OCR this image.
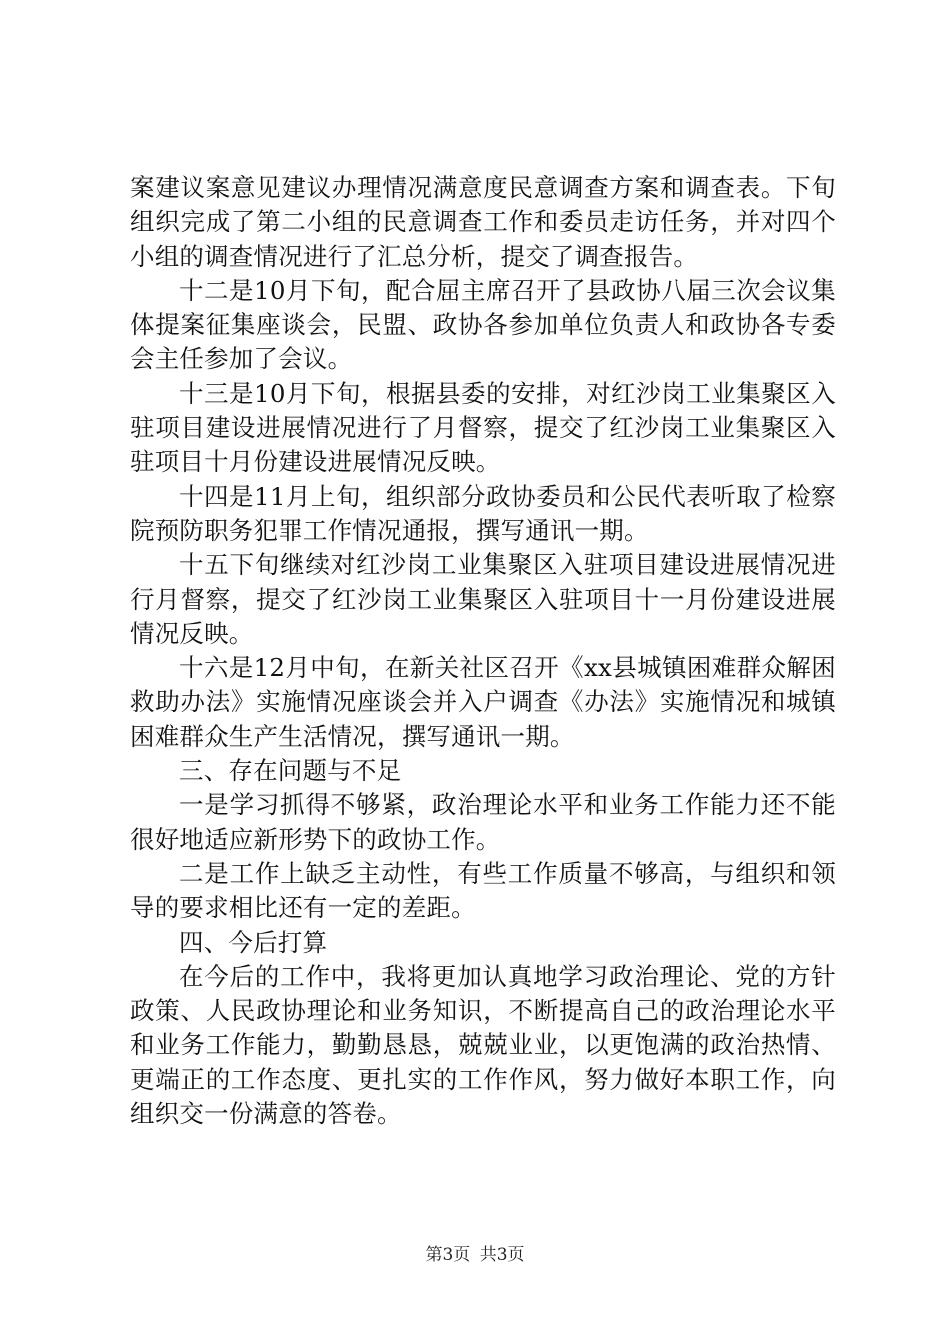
案建议案意见建议办理情况满意度民意调查方案和调查表。下旬组织完成了第二小组的民意调查工作和委员走访任务，并对四个小组的调查情况进行了汇总分析，提交了调查报告。

十二是10月下旬，配合屈主席召开了县政协八届三次会议集体提案征集座谈会，民盟、政协各参加单位负责人和政协各专委会主任参加了会议。

十三是10月下旬，根据县委的安排，对红沙岗工业集聚区入驻项目建设进展情况进行了月督察，提交了红沙岗工业集聚区入驻项目十月份建设进展情况反映。

十四是11月上旬，组织部分政协委员和公民代表听取了检察院预防职务犯罪工作情况通报，撰写通讯一期。

十五下旬继续对红沙岗工业集聚区入驻项目建设进展情况进行月督察，提交了红沙岗工业集聚区入驻项目十一月份建设进展情况反映。

十六是12月中旬，在新关社区召开《xx县城镇困难群众解困救助办法》实施情况座谈会并入户调查《办法》实施情况和城镇困难群众生产生活情况，撰写通讯一期。

三、存在问题与不足

一是学习抓得不够紧，政治理论水平和业务工作能力还不能很好地适应新形势下的政协工作。

二是工作上缺乏主动性，有些工作质量不够高，与组织和领导的要求相比还有一定的差距。

四、今后打算

在今后的工作中，我将更加认真地学习政治理论、党的方针政策、人民政协理论和业务知识，不断提高自己的政治理论水平和业务工作能力，勤勤恳恳，兢兢业业，以更饱满的政治热情、更端正的工作态度、更扎实的工作作风，努力做好本职工作，向组织交一份满意的答卷。

第3页 共3页
